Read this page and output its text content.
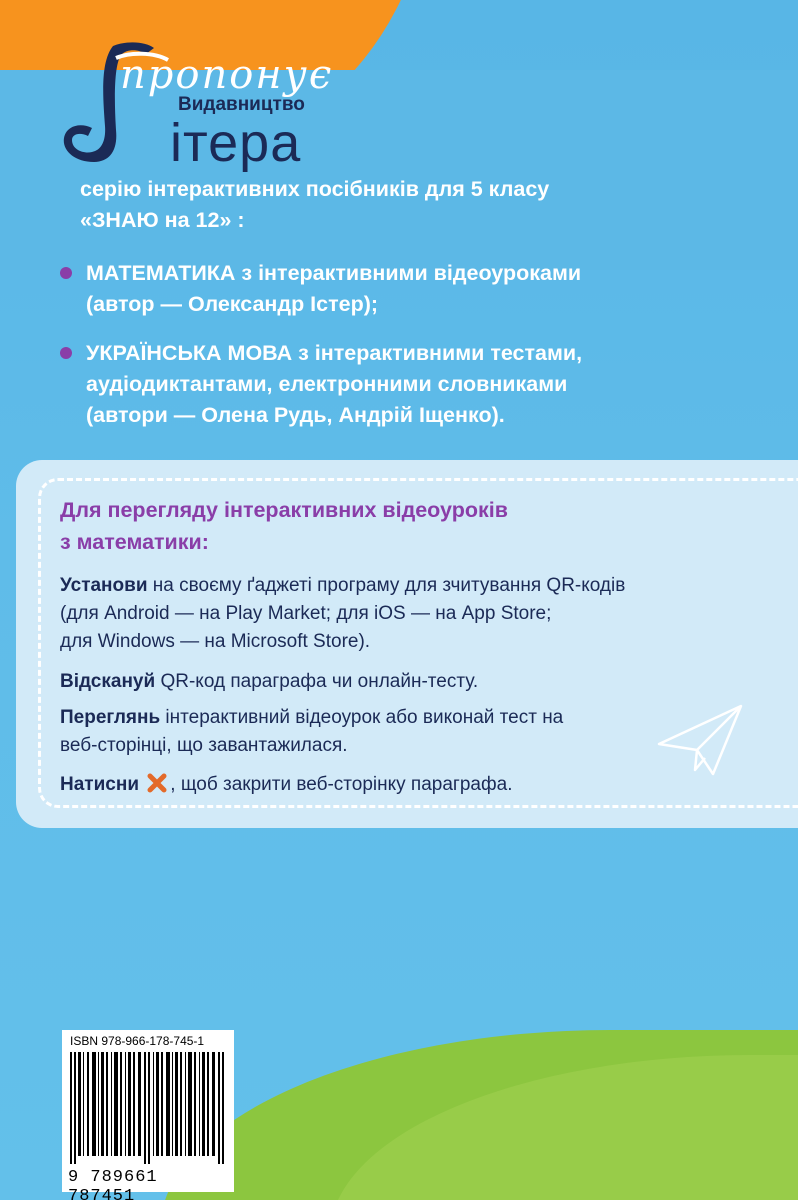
пропонує
Видавництво
ітера
серію інтерактивних посібників для 5 класу
«ЗНАЮ на 12» :
МАТЕМАТИКА з інтерактивними відеоуроками
(автор — Олександр Істер);
УКРАЇНСЬКА МОВА з інтерактивними тестами,
аудіодиктантами, електронними словниками
(автори — Олена Рудь, Андрій Іщенко).
Для перегляду інтерактивних відеоуроків
з математики:
Установи на своєму ґаджеті програму для зчитування QR-кодів
(для Android — на Play Market; для iOS — на App Store;
для Windows — на Microsoft Store).
Відскануй QR-код параграфа чи онлайн-тесту.
Переглянь інтерактивний відеоурок або виконай тест на
веб-сторінці, що завантажилася.
Натисни , щоб закрити веб-сторінку параграфа.
ISBN 978-966-178-745-1
9 789661 787451
